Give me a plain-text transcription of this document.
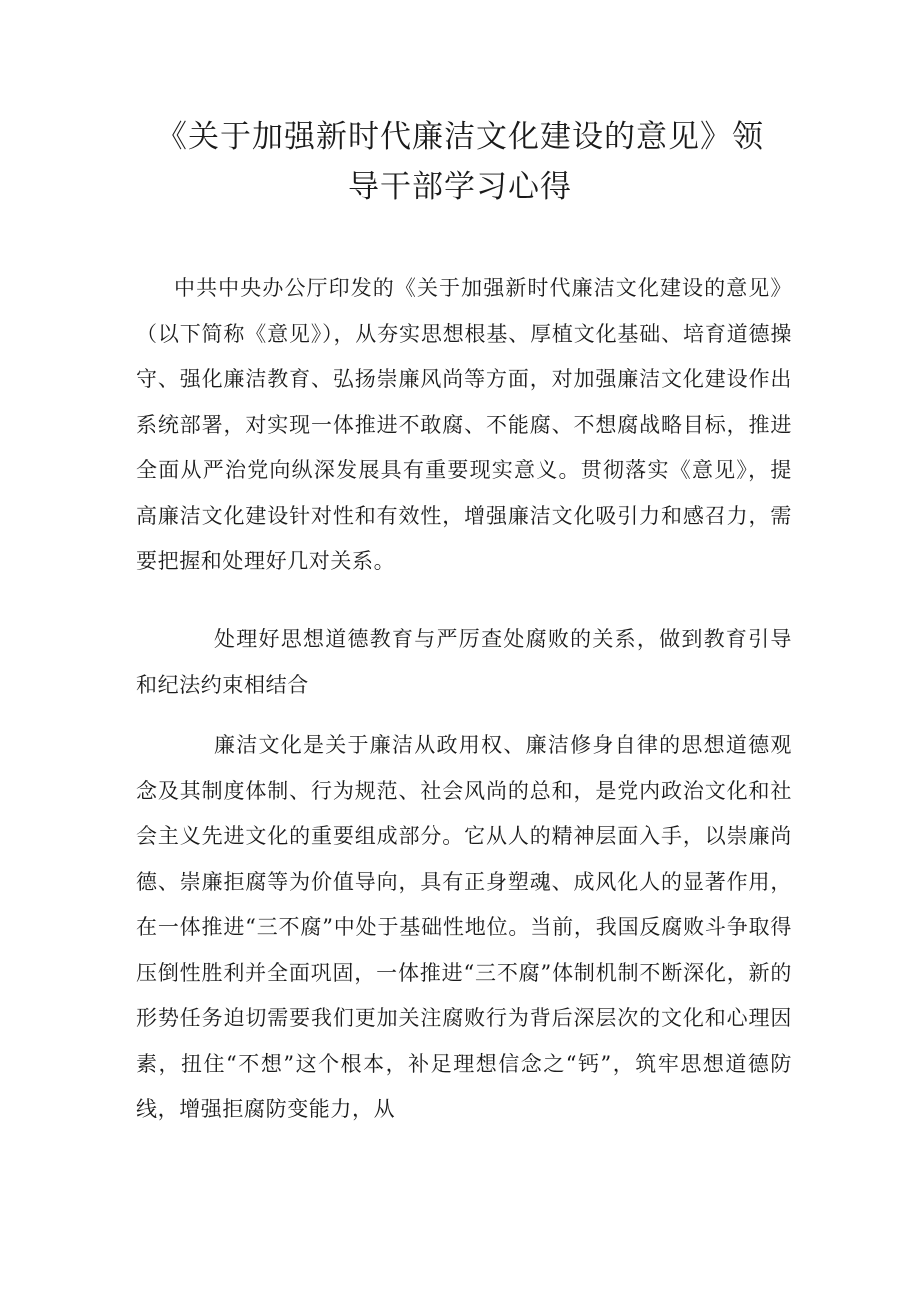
《关于加强新时代廉洁文化建设的意见》领
导干部学习心得

中共中央办公厅印发的《关于加强新时代廉洁文化建设的意见》（以下简称《意见》），从夯实思想根基、厚植文化基础、培育道德操守、强化廉洁教育、弘扬崇廉风尚等方面，对加强廉洁文化建设作出系统部署，对实现一体推进不敢腐、不能腐、不想腐战略目标，推进全面从严治党向纵深发展具有重要现实意义。贯彻落实《意见》，提高廉洁文化建设针对性和有效性，增强廉洁文化吸引力和感召力，需要把握和处理好几对关系。

处理好思想道德教育与严厉查处腐败的关系，做到教育引导和纪法约束相结合

廉洁文化是关于廉洁从政用权、廉洁修身自律的思想道德观念及其制度体制、行为规范、社会风尚的总和，是党内政治文化和社会主义先进文化的重要组成部分。它从人的精神层面入手，以崇廉尚德、崇廉拒腐等为价值导向，具有正身塑魂、成风化人的显著作用，在一体推进“三不腐”中处于基础性地位。当前，我国反腐败斗争取得压倒性胜利并全面巩固，一体推进“三不腐”体制机制不断深化，新的形势任务迫切需要我们更加关注腐败行为背后深层次的文化和心理因素，扭住“不想”这个根本，补足理想信念之“钙”，筑牢思想道德防线，增强拒腐防变能力，从
